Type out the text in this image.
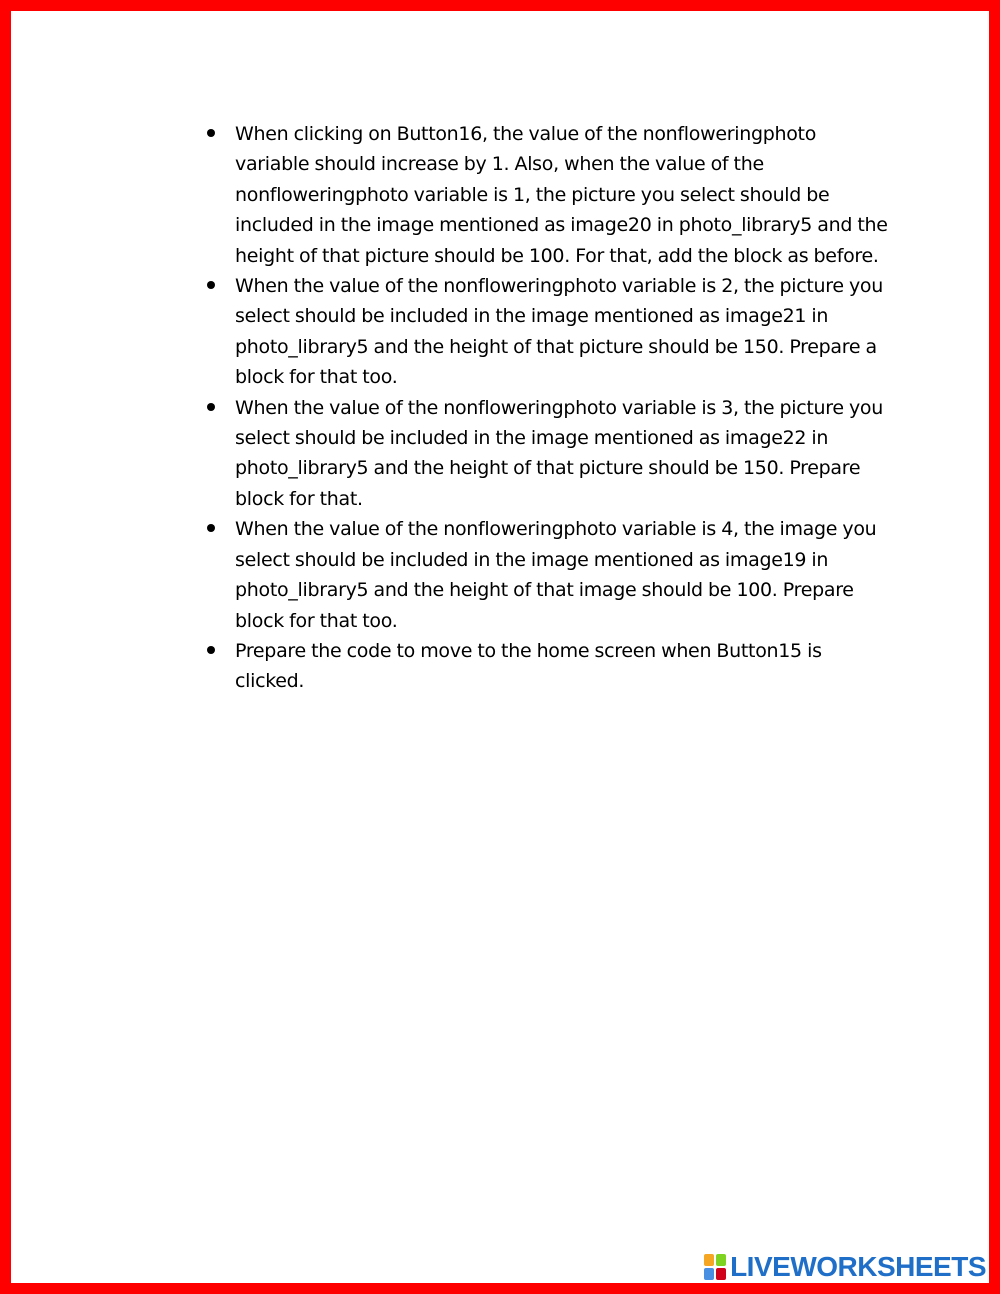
When clicking on Button16, the value of the nonfloweringphoto variable should increase by 1. Also, when the value of the nonfloweringphoto variable is 1, the picture you select should be included in the image mentioned as image20 in photo_library5 and the height of that picture should be 100. For that, add the block as before.
When the value of the nonfloweringphoto variable is 2, the picture you select should be included in the image mentioned as image21 in photo_library5 and the height of that picture should be 150. Prepare a block for that too.
When the value of the nonfloweringphoto variable is 3, the picture you select should be included in the image mentioned as image22 in photo_library5 and the height of that picture should be 150. Prepare block for that.
When the value of the nonfloweringphoto variable is 4, the image you select should be included in the image mentioned as image19 in photo_library5 and the height of that image should be 100. Prepare block for that too.
Prepare the code to move to the home screen when Button15 is clicked.
LIVEWORKSHEETS
